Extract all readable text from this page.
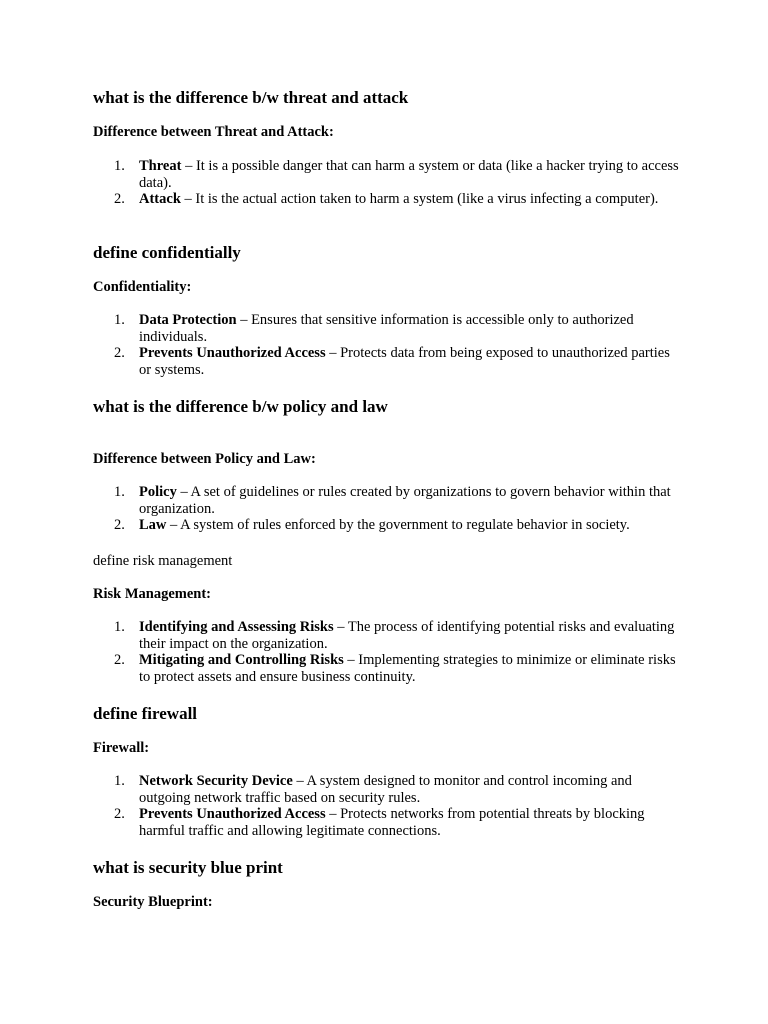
what is the difference b/w threat and attack

Difference between Threat and Attack:

1. Threat – It is a possible danger that can harm a system or data (like a hacker trying to access data).
2. Attack – It is the actual action taken to harm a system (like a virus infecting a computer).

define confidentially

Confidentiality:

1. Data Protection – Ensures that sensitive information is accessible only to authorized individuals.
2. Prevents Unauthorized Access – Protects data from being exposed to unauthorized parties or systems.

what is the difference b/w policy and law

Difference between Policy and Law:

1. Policy – A set of guidelines or rules created by organizations to govern behavior within that organization.
2. Law – A system of rules enforced by the government to regulate behavior in society.

define risk management

Risk Management:

1. Identifying and Assessing Risks – The process of identifying potential risks and evaluating their impact on the organization.
2. Mitigating and Controlling Risks – Implementing strategies to minimize or eliminate risks to protect assets and ensure business continuity.

define firewall

Firewall:

1. Network Security Device – A system designed to monitor and control incoming and outgoing network traffic based on security rules.
2. Prevents Unauthorized Access – Protects networks from potential threats by blocking harmful traffic and allowing legitimate connections.

what is security blue print

Security Blueprint:
